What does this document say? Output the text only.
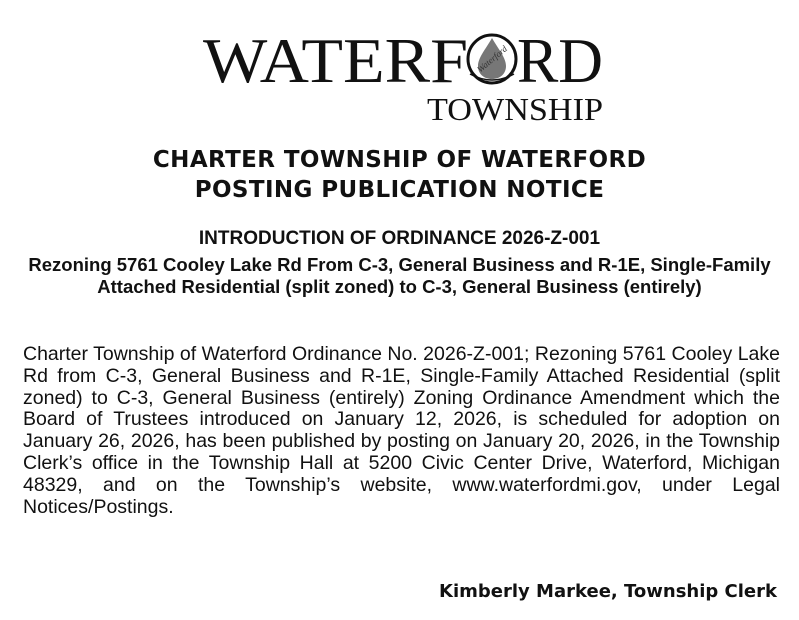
WATERF Waterford RD
TOWNSHIP
CHARTER TOWNSHIP OF WATERFORD
POSTING PUBLICATION NOTICE
INTRODUCTION OF ORDINANCE 2026-Z-001
Rezoning 5761 Cooley Lake Rd From C-3, General Business and R-1E, Single-Family Attached Residential (split zoned) to C-3, General Business (entirely)

Charter Township of Waterford Ordinance No. 2026-Z-001; Rezoning 5761 Cooley Lake Rd from C-3, General Business and R-1E, Single-Family Attached Residential (split zoned) to C-3, General Business (entirely) Zoning Ordinance Amendment which the Board of Trustees introduced on January 12, 2026, is scheduled for adoption on January 26, 2026, has been published by posting on January 20, 2026, in the Township Clerk’s office in the Township Hall at 5200 Civic Center Drive, Waterford, Michigan 48329, and on the Township’s website, www.waterfordmi.gov, under Legal Notices/Postings.

Kimberly Markee, Township Clerk
